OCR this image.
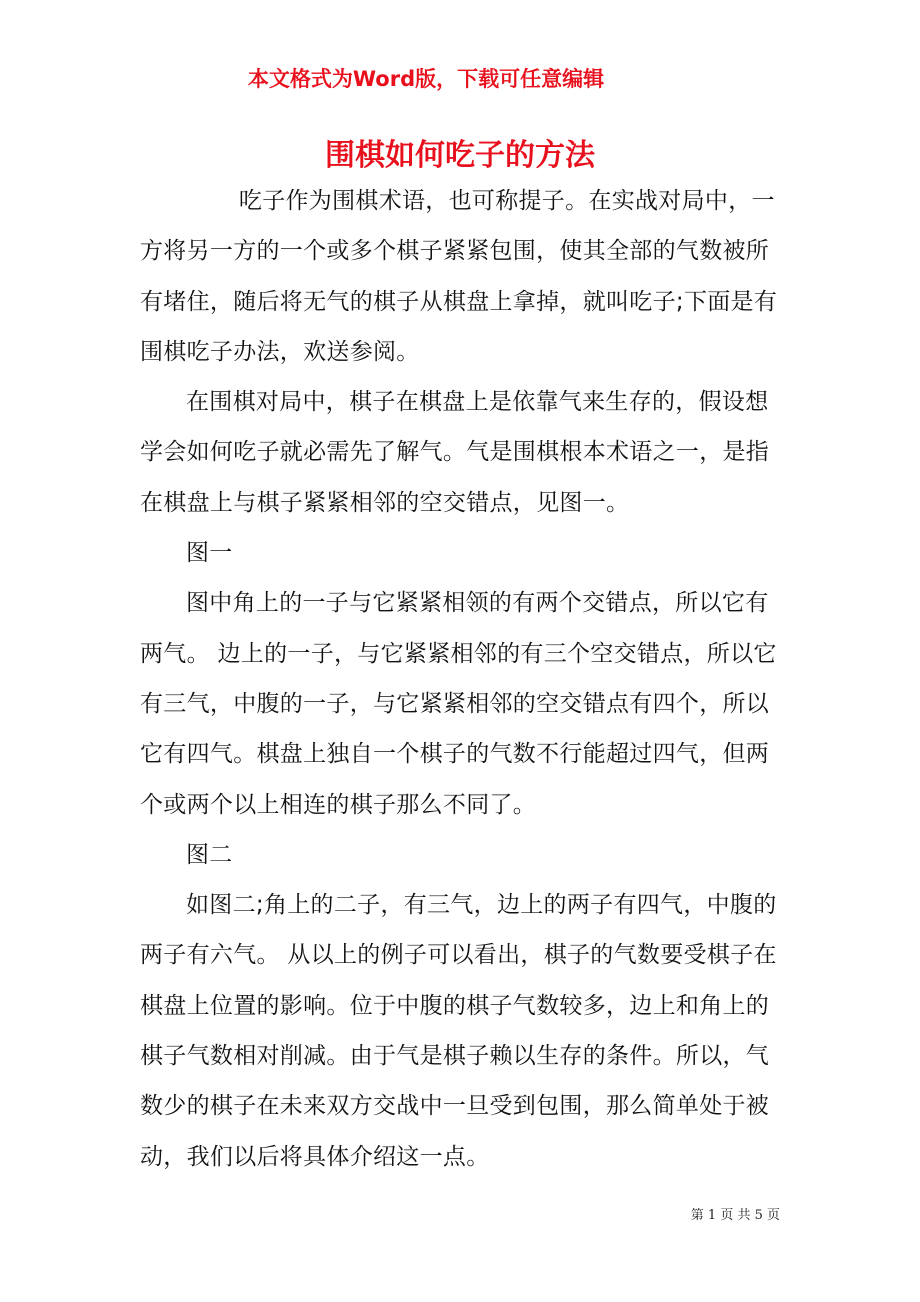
本文格式为Word版，下载可任意编辑
围棋如何吃子的方法

吃子作为围棋术语，也可称提子。在实战对局中，一方将另一方的一个或多个棋子紧紧包围，使其全部的气数被所有堵住，随后将无气的棋子从棋盘上拿掉，就叫吃子;下面是有围棋吃子办法，欢送参阅。

在围棋对局中，棋子在棋盘上是依靠气来生存的，假设想学会如何吃子就必需先了解气。气是围棋根本术语之一，是指在棋盘上与棋子紧紧相邻的空交错点，见图一。

图一

图中角上的一子与它紧紧相领的有两个交错点，所以它有两气。 边上的一子，与它紧紧相邻的有三个空交错点，所以它有三气，中腹的一子，与它紧紧相邻的空交错点有四个，所以它有四气。棋盘上独自一个棋子的气数不行能超过四气，但两个或两个以上相连的棋子那么不同了。

图二

如图二;角上的二子，有三气，边上的两子有四气，中腹的两子有六气。 从以上的例子可以看出，棋子的气数要受棋子在棋盘上位置的影响。位于中腹的棋子气数较多，边上和角上的棋子气数相对削减。由于气是棋子赖以生存的条件。所以，气数少的棋子在未来双方交战中一旦受到包围，那么简单处于被动，我们以后将具体介绍这一点。

第 1 页 共 5 页
